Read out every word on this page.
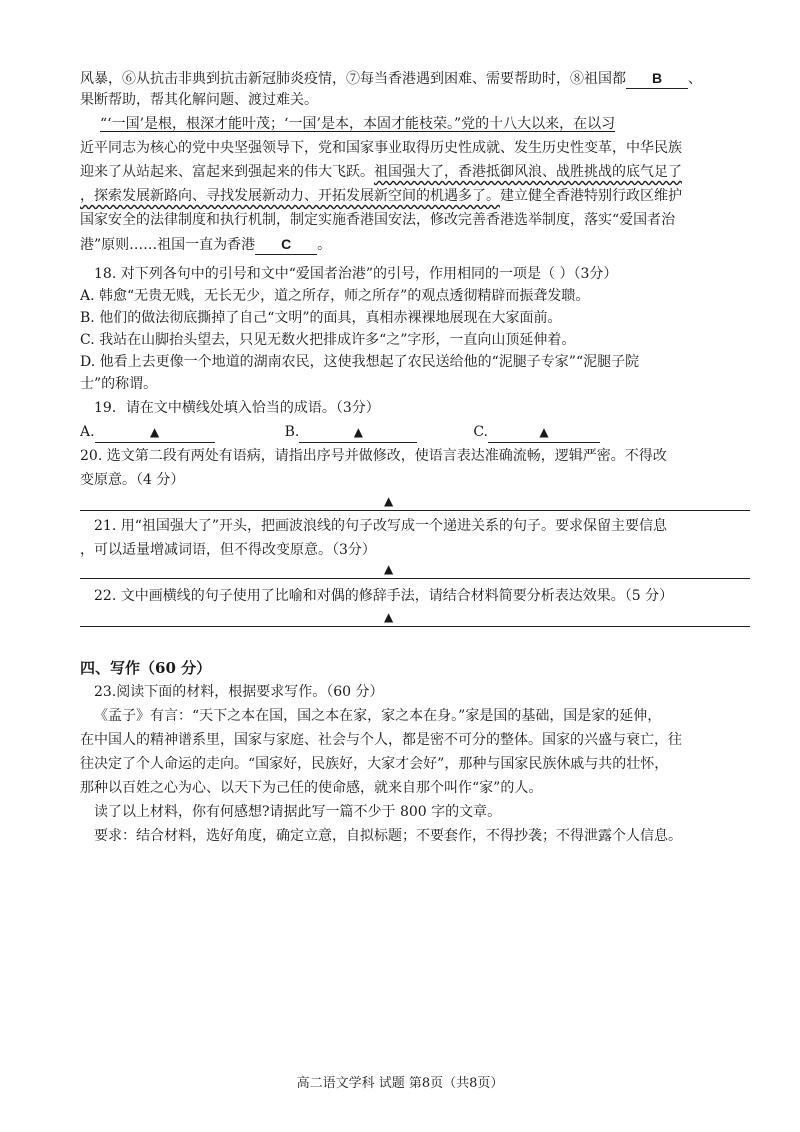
风暴，⑥从抗击非典到抗击新冠肺炎疫情，⑦每当香港遇到困难、需要帮助时，⑧祖国都 B 、
果断帮助，帮其化解问题、渡过难关。
“‘一国’是根，根深才能叶茂；‘一国’是本，本固才能枝荣。”党的十八大以来，在以习
近平同志为核心的党中央坚强领导下，党和国家事业取得历史性成就、发生历史性变革，中华民族
迎来了从站起来、富起来到强起来的伟大飞跃。祖国强大了，香港抵御风浪、战胜挑战的底气足了
，探索发展新路向、寻找发展新动力、开拓发展新空间的机遇多了。建立健全香港特别行政区维护
国家安全的法律制度和执行机制，制定实施香港国安法，修改完善香港选举制度，落实“爱国者治
港”原则……祖国一直为香港 C 。
18. 对下列各句中的引号和文中“爱国者治港”的引号，作用相同的一项是（ ）（3分）
A. 韩愈“无贵无贱，无长无少，道之所存，师之所存”的观点透彻精辟而振聋发聩。
B. 他们的做法彻底撕掉了自己“文明”的面具，真相赤裸裸地展现在大家面前。
C. 我站在山脚抬头望去，只见无数火把排成许多“之”字形，一直向山顶延伸着。
D. 他看上去更像一个地道的湖南农民，这使我想起了农民送给他的“泥腿子专家”“泥腿子院
士”的称谓。
19．请在文中横线处填入恰当的成语。（3分）
A.	▲	B.	▲	C.	▲
20. 选文第二段有两处有语病，请指出序号并做修改，使语言表达准确流畅，逻辑严密。不得改
变原意。（4 分）
▲
21. 用“祖国强大了”开头，把画波浪线的句子改写成一个递进关系的句子。要求保留主要信息
，可以适量增减词语，但不得改变原意。（3分）
▲
22. 文中画横线的句子使用了比喻和对偶的修辞手法，请结合材料简要分析表达效果。（5 分）
▲
四、写作（60 分）
23.阅读下面的材料，根据要求写作。（60 分）
《孟子》有言：“天下之本在国，国之本在家，家之本在身。”家是国的基础，国是家的延伸，
在中国人的精神谱系里，国家与家庭、社会与个人，都是密不可分的整体。国家的兴盛与衰亡，往
往决定了个人命运的走向。“国家好，民族好，大家才会好”，那种与国家民族休戚与共的壮怀，
那种以百姓之心为心、以天下为己任的使命感，就来自那个叫作“家”的人。
读了以上材料，你有何感想?请据此写一篇不少于 800 字的文章。
要求：结合材料，选好角度，确定立意，自拟标题；不要套作，不得抄袭；不得泄露个人信息。
高二语文学科 试题 第8页（共8页）
